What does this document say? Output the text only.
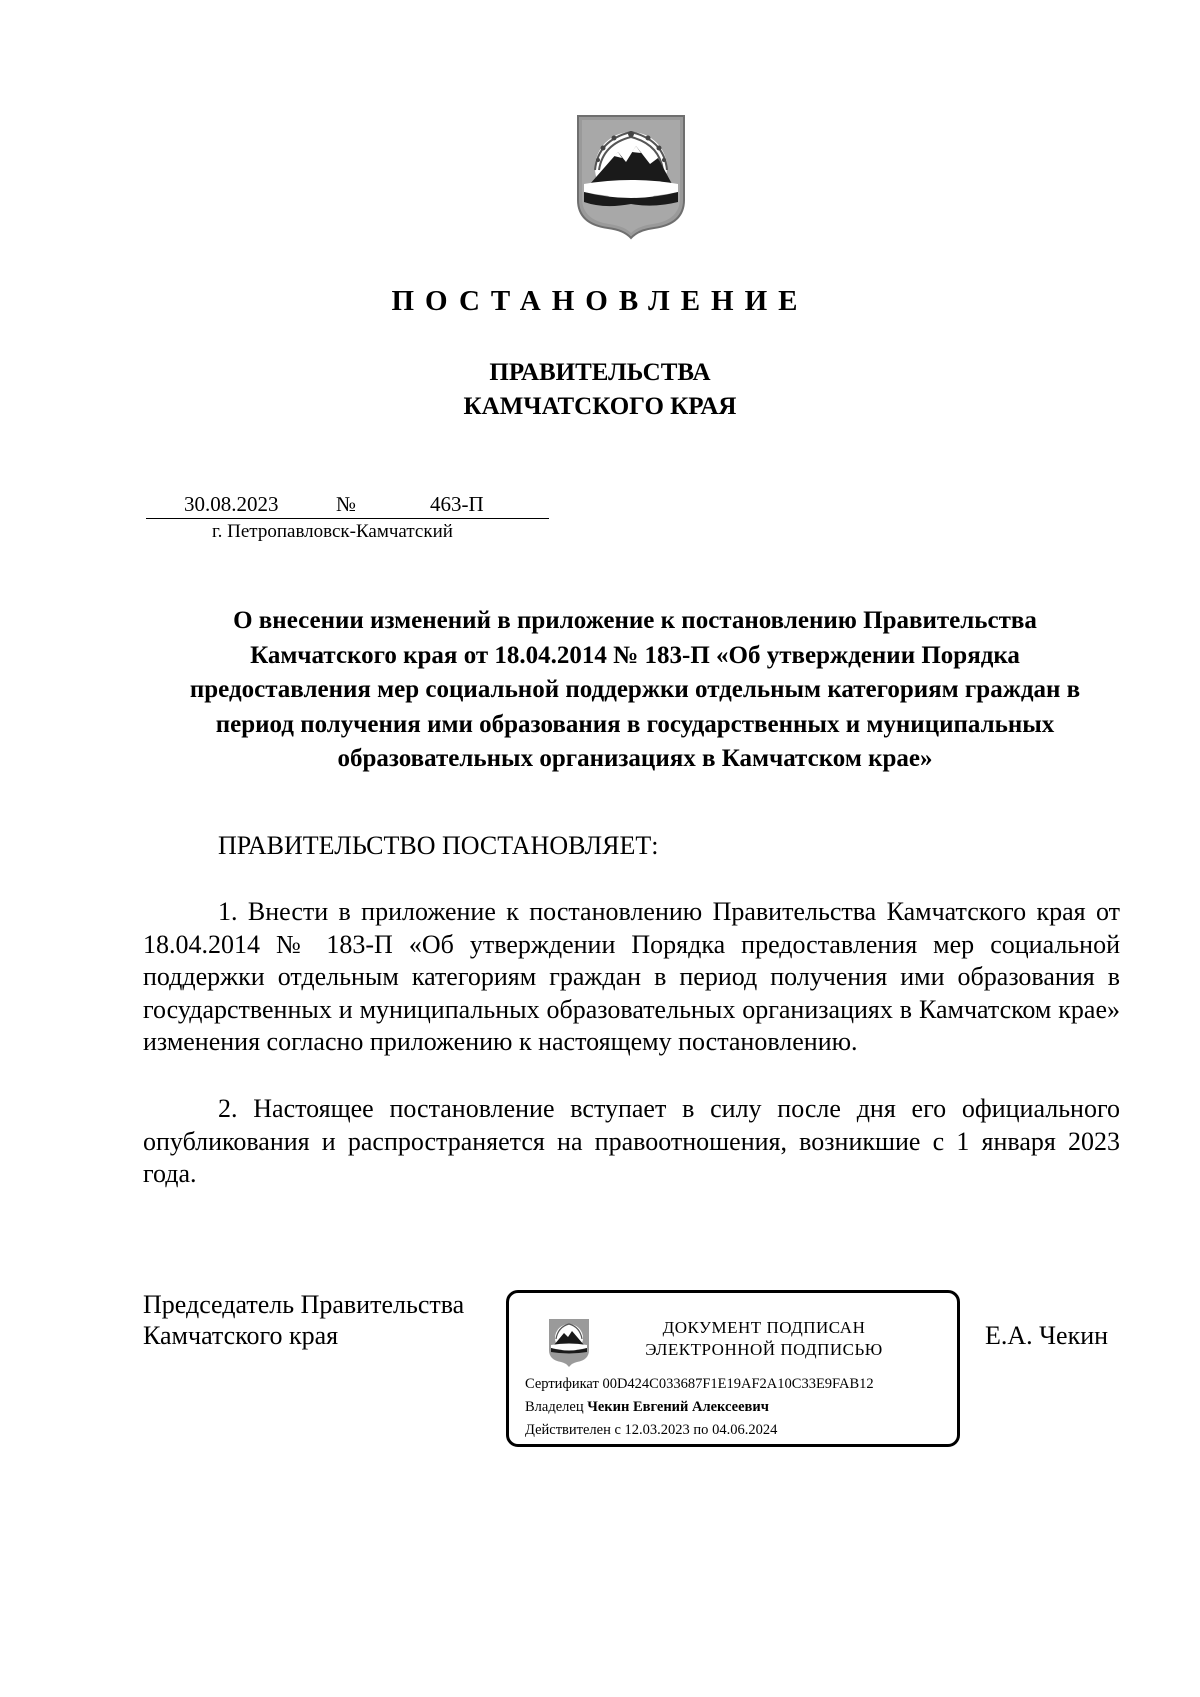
ПОСТАНОВЛЕНИЕ
ПРАВИТЕЛЬСТВА
КАМЧАТСКОГО КРАЯ
30.08.2023	№	463-П
г. Петропавловск-Камчатский
О внесении изменений в приложение к постановлению Правительства Камчатского края от 18.04.2014 № 183-П «Об утверждении Порядка предоставления мер социальной поддержки отдельным категориям граждан в период получения ими образования в государственных и муниципальных образовательных организациях в Камчатском крае»
ПРАВИТЕЛЬСТВО ПОСТАНОВЛЯЕТ:

1. Внести в приложение к постановлению Правительства Камчатского края от 18.04.2014 № 183-П «Об утверждении Порядка предоставления мер социальной поддержки отдельным категориям граждан в период получения ими образования в государственных и муниципальных образовательных организациях в Камчатском крае» изменения согласно приложению к настоящему постановлению.

2. Настоящее постановление вступает в силу после дня его официального опубликования и распространяется на правоотношения, возникшие с 1 января 2023 года.

Председатель Правительства
Камчатского края	Е.А. Чекин
ДОКУМЕНТ ПОДПИСАН
ЭЛЕКТРОННОЙ ПОДПИСЬЮ
Сертификат 00D424C033687F1E19AF2A10C33E9FAB12
Владелец Чекин Евгений Алексеевич
Действителен с 12.03.2023 по 04.06.2024
